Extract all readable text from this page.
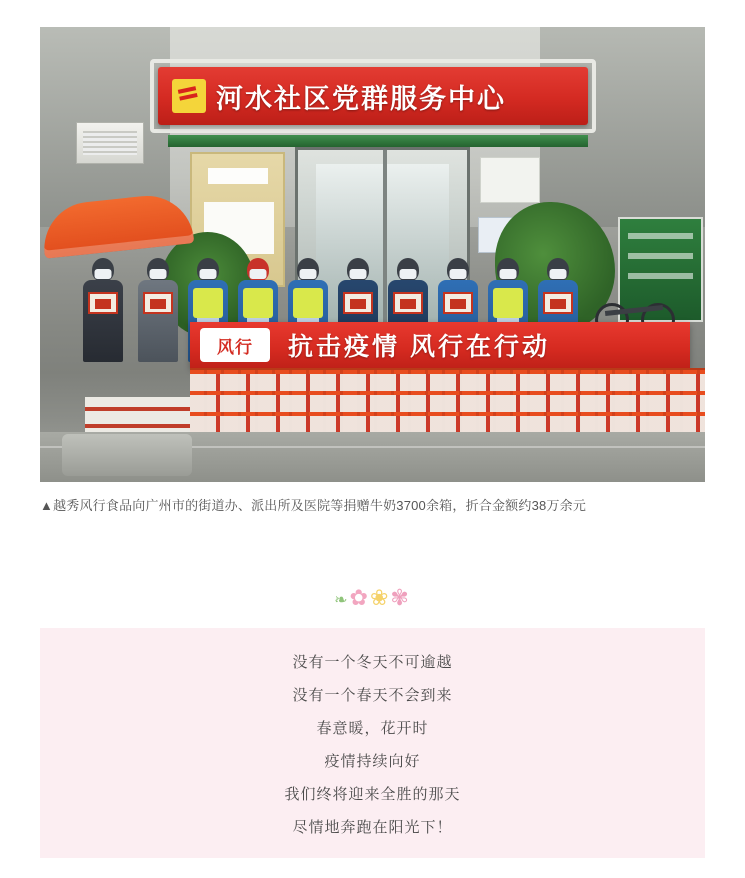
河水社区党群服务中心
风行 抗击疫情 风行在行动
▲越秀风行食品向广州市的街道办、派出所及医院等捐赠牛奶3700余箱，折合金额约38万余元
❧✿❀✾

没有一个冬天不可逾越

没有一个春天不会到来

春意暖，花开时

疫情持续向好

我们终将迎来全胜的那天

尽情地奔跑在阳光下！
